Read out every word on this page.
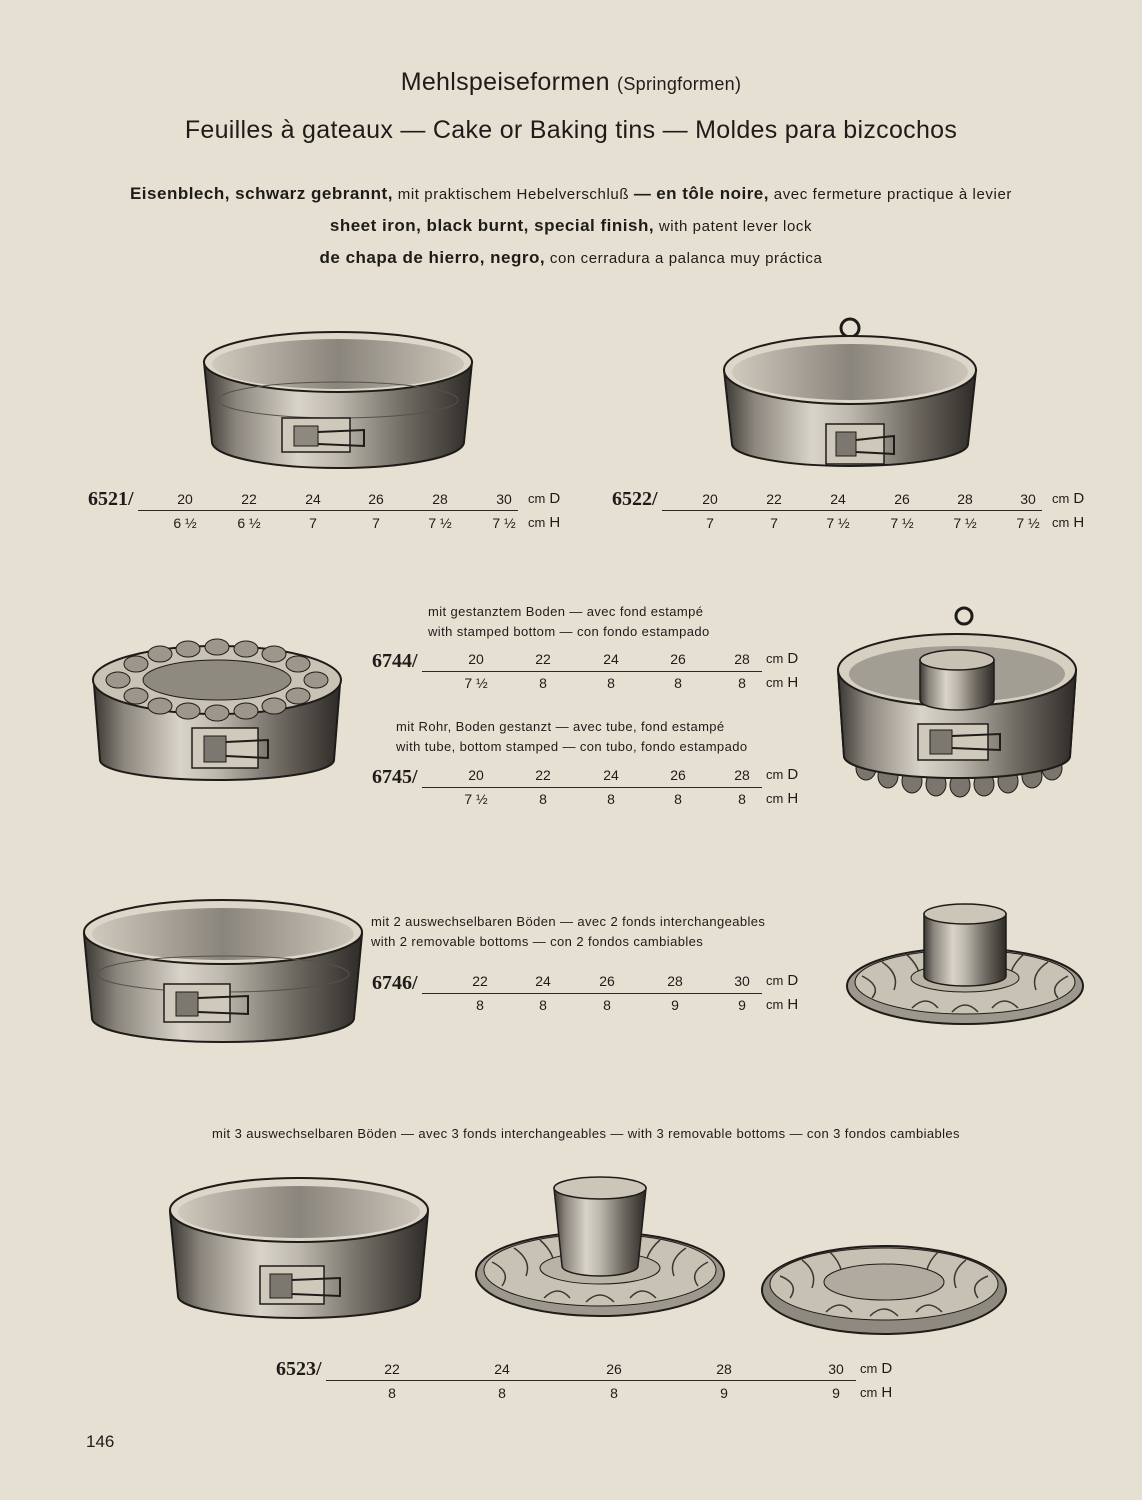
Mehlspeiseformen (Springformen)
Feuilles à gateaux — Cake or Baking tins — Moldes para bizcochos
Eisenblech, schwarz gebrannt, mit praktischem Hebelverschluß — en tôle noire, avec fermeture practique à levier
sheet iron, black burnt, special finish, with patent lever lock
de chapa de hierro, negro, con cerradura a palanca muy práctica
6521/	20	22	24	26	28	30	cm D
6 ½	6 ½	7	7	7 ½	7 ½ cm H
6522/	20	22	24	26	28	30	cm D
7	7	7 ½	7 ½	7 ½	7 ½ cm H
mit gestanztem Boden — avec fond estampé
with stamped bottom — con fondo estampado
6744/	20	22	24	26	28	cm D
7 ½	8	8	8	8	cm H
mit Rohr, Boden gestanzt — avec tube, fond estampé
with tube, bottom stamped — con tubo, fondo estampado
6745/	20	22	24	26	28	cm D
7 ½	8	8	8	8	cm H
mit 2 auswechselbaren Böden — avec 2 fonds interchangeables
with 2 removable bottoms — con 2 fondos cambiables
6746/	22	24	26	28	30	cm D
8	8	8	9	9	cm H
mit 3 auswechselbaren Böden — avec 3 fonds interchangeables — with 3 removable bottoms — con 3 fondos cambiables
6523/	22	24	26	28	30	cm D
8	8	8	9	9	cm H
146
